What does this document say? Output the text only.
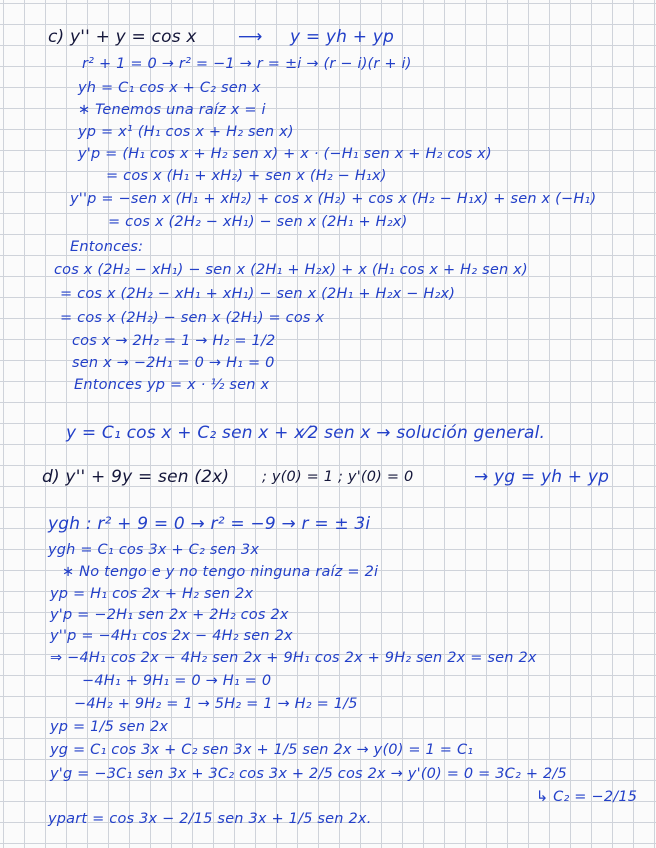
c) y'' + y = cos x ⟶ y = yh + yp
r² + 1 = 0 → r² = −1 → r = ±i → (r − i)(r + i)
yh = C₁ cos x + C₂ sen x
∗ Tenemos una raíz x = i
yp = x¹ (H₁ cos x + H₂ sen x)
y'p = (H₁ cos x + H₂ sen x) + x · (−H₁ sen x + H₂ cos x)
= cos x (H₁ + xH₂) + sen x (H₂ − H₁x)
y''p = −sen x (H₁ + xH₂) + cos x (H₂) + cos x (H₂ − H₁x) + sen x (−H₁)
= cos x (2H₂ − xH₁) − sen x (2H₁ + H₂x)
Entonces:
cos x (2H₂ − xH₁) − sen x (2H₁ + H₂x) + x (H₁ cos x + H₂ sen x)
= cos x (2H₂ − xH₁ + xH₁) − sen x (2H₁ + H₂x − H₂x)
= cos x (2H₂) − sen x (2H₁) = cos x
cos x → 2H₂ = 1 → H₂ = 1/2
sen x → −2H₁ = 0 → H₁ = 0
Entonces yp = x · ½ sen x
y = C₁ cos x + C₂ sen x + x⁄2 sen x → solución general.
d) y'' + 9y = sen (2x) ; y(0) = 1 ; y'(0) = 0	→ yg = yh + yp
ygh : r² + 9 = 0 → r² = −9 → r = ± 3i
ygh = C₁ cos 3x + C₂ sen 3x
∗ No tengo e y no tengo ninguna raíz = 2i
yp = H₁ cos 2x + H₂ sen 2x
y'p = −2H₁ sen 2x + 2H₂ cos 2x
y''p = −4H₁ cos 2x − 4H₂ sen 2x
⇒ −4H₁ cos 2x − 4H₂ sen 2x + 9H₁ cos 2x + 9H₂ sen 2x = sen 2x
−4H₁ + 9H₁ = 0 → H₁ = 0
−4H₂ + 9H₂ = 1 → 5H₂ = 1 → H₂ = 1/5
yp = 1/5 sen 2x
yg = C₁ cos 3x + C₂ sen 3x + 1/5 sen 2x → y(0) = 1 = C₁
y'g = −3C₁ sen 3x + 3C₂ cos 3x + 2/5 cos 2x → y'(0) = 0 = 3C₂ + 2/5
↳ C₂ = −2/15
ypart = cos 3x − 2/15 sen 3x + 1/5 sen 2x.
